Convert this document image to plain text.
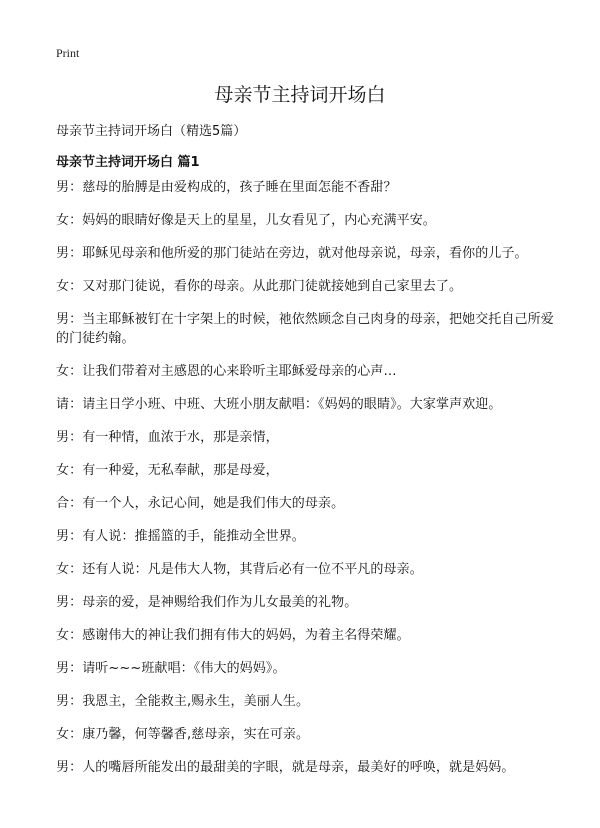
Print
母亲节主持词开场白
母亲节主持词开场白（精选5篇）
母亲节主持词开场白 篇1

男：慈母的胎膊是由爱构成的，孩子睡在里面怎能不香甜？

女：妈妈的眼睛好像是天上的星星，儿女看见了，内心充满平安。

男：耶稣见母亲和他所爱的那门徒站在旁边，就对他母亲说，母亲，看你的儿子。

女：又对那门徒说，看你的母亲。从此那门徒就接她到自己家里去了。

男：当主耶稣被钉在十字架上的时候，祂依然顾念自己肉身的母亲，把她交托自己所爱的门徒约翰。

女：让我们带着对主感恩的心来聆听主耶稣爱母亲的心声…

请：请主日学小班、中班、大班小朋友献唱：《妈妈的眼睛》。大家掌声欢迎。

男：有一种情，血浓于水，那是亲情，

女：有一种爱，无私奉献，那是母爱，

合：有一个人，永记心间，她是我们伟大的母亲。

男：有人说：推摇篮的手，能推动全世界。

女：还有人说：凡是伟大人物，其背后必有一位不平凡的母亲。

男：母亲的爱，是神赐给我们作为儿女最美的礼物。

女：感谢伟大的神让我们拥有伟大的妈妈，为着主名得荣耀。

男：请听~~~班献唱：《伟大的妈妈》。

男：我恩主，全能救主,赐永生，美丽人生。

女：康乃馨，何等馨香,慈母亲，实在可亲。

男：人的嘴唇所能发出的最甜美的字眼，就是母亲，最美好的呼唤，就是妈妈。
